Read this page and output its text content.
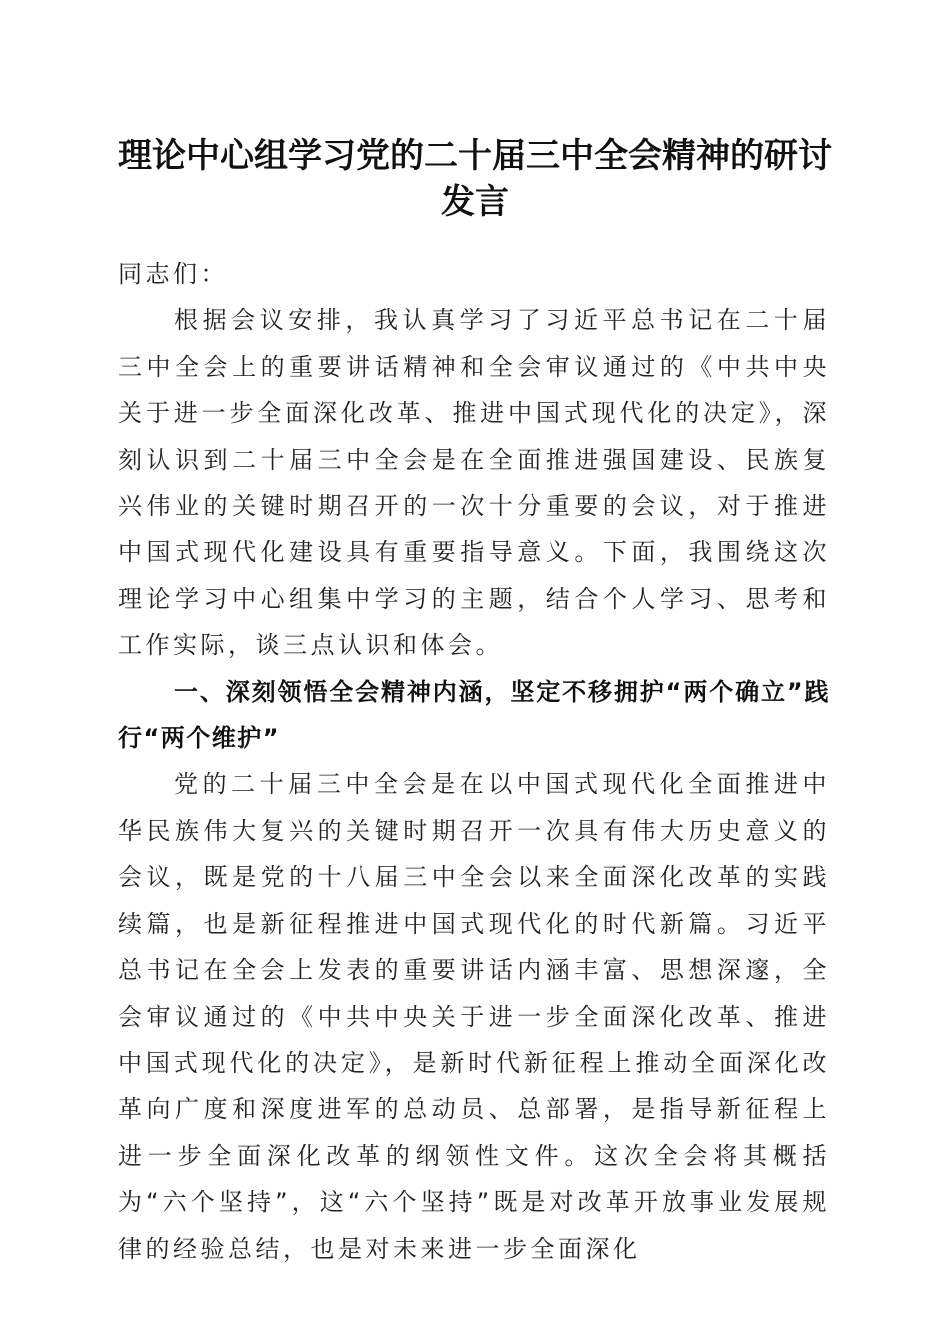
理论中心组学习党的二十届三中全会精神的研讨发言

同志们：

根据会议安排，我认真学习了习近平总书记在二十届三中全会上的重要讲话精神和全会审议通过的《中共中央关于进一步全面深化改革、推进中国式现代化的决定》，深刻认识到二十届三中全会是在全面推进强国建设、民族复兴伟业的关键时期召开的一次十分重要的会议，对于推进中国式现代化建设具有重要指导意义。下面，我围绕这次理论学习中心组集中学习的主题，结合个人学习、思考和工作实际，谈三点认识和体会。

一、深刻领悟全会精神内涵，坚定不移拥护“两个确立”践行“两个维护”

党的二十届三中全会是在以中国式现代化全面推进中华民族伟大复兴的关键时期召开一次具有伟大历史意义的会议，既是党的十八届三中全会以来全面深化改革的实践续篇，也是新征程推进中国式现代化的时代新篇。习近平总书记在全会上发表的重要讲话内涵丰富、思想深邃，全会审议通过的《中共中央关于进一步全面深化改革、推进中国式现代化的决定》，是新时代新征程上推动全面深化改革向广度和深度进军的总动员、总部署，是指导新征程上进一步全面深化改革的纲领性文件。这次全会将其概括为“六个坚持”，这“六个坚持”既是对改革开放事业发展规律的经验总结，也是对未来进一步全面深化
